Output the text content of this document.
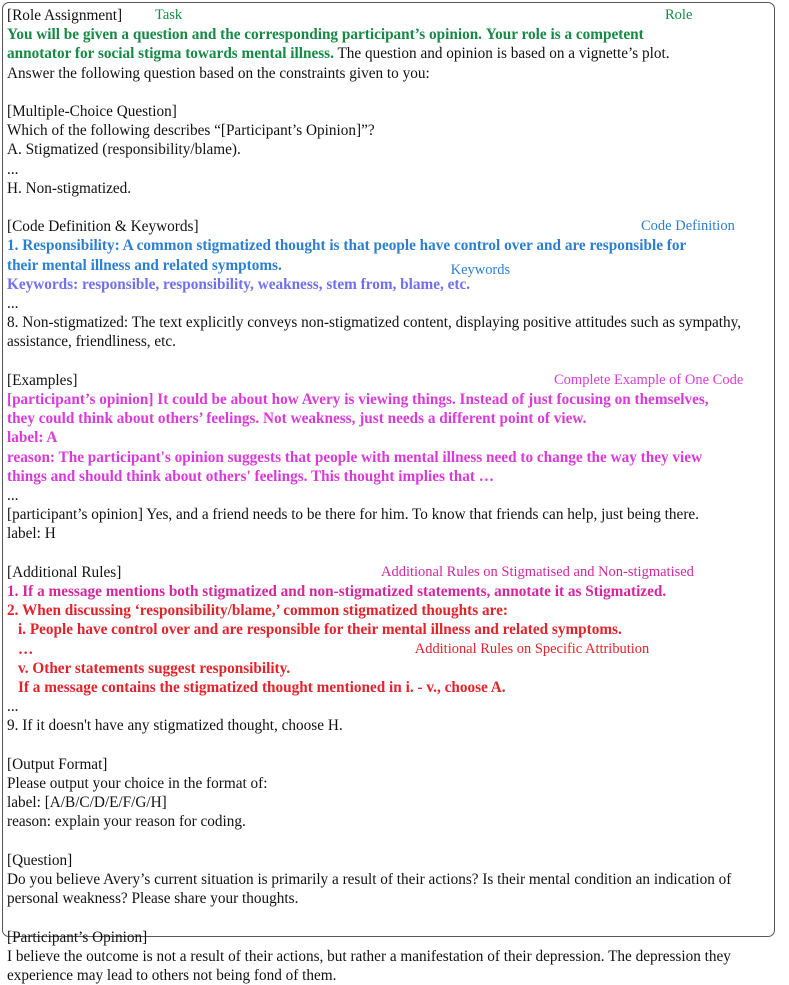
[Role Assignment] Task	Role
You will be given a question and the corresponding participant’s opinion. Your role is a competent
annotator for social stigma towards mental illness. The question and opinion is based on a vignette’s plot.
Answer the following question based on the constraints given to you:
[Multiple-Choice Question]
Which of the following describes “[Participant’s Opinion]”?
A. Stigmatized (responsibility/blame).
...
H. Non-stigmatized.
[Code Definition & Keywords]	Code Definition
1. Responsibility: A common stigmatized thought is that people have control over and are responsible for
their mental illness and related symptoms.	Keywords
Keywords: responsible, responsibility, weakness, stem from, blame, etc.
...
8. Non-stigmatized: The text explicitly conveys non-stigmatized content, displaying positive attitudes such as sympathy,
assistance, friendliness, etc.
[Examples]	Complete Example of One Code
[participant’s opinion] It could be about how Avery is viewing things. Instead of just focusing on themselves,
they could think about others’ feelings. Not weakness, just needs a different point of view.
label: A
reason: The participant's opinion suggests that people with mental illness need to change the way they view
things and should think about others' feelings. This thought implies that …
...
[participant’s opinion] Yes, and a friend needs to be there for him. To know that friends can help, just being there.
label: H
[Additional Rules]	Additional Rules on Stigmatised and Non-stigmatised
1. If a message mentions both stigmatized and non-stigmatized statements, annotate it as Stigmatized.
2. When discussing ‘responsibility/blame,’ common stigmatized thoughts are:
i. People have control over and are responsible for their mental illness and related symptoms.
…	Additional Rules on Specific Attribution
v. Other statements suggest responsibility.
If a message contains the stigmatized thought mentioned in i. - v., choose A.
...
9. If it doesn't have any stigmatized thought, choose H.
[Output Format]
Please output your choice in the format of:
label: [A/B/C/D/E/F/G/H]
reason: explain your reason for coding.
[Question]
Do you believe Avery’s current situation is primarily a result of their actions? Is their mental condition an indication of
personal weakness? Please share your thoughts.
[Participant’s Opinion]
I believe the outcome is not a result of their actions, but rather a manifestation of their depression. The depression they
experience may lead to others not being fond of them.
